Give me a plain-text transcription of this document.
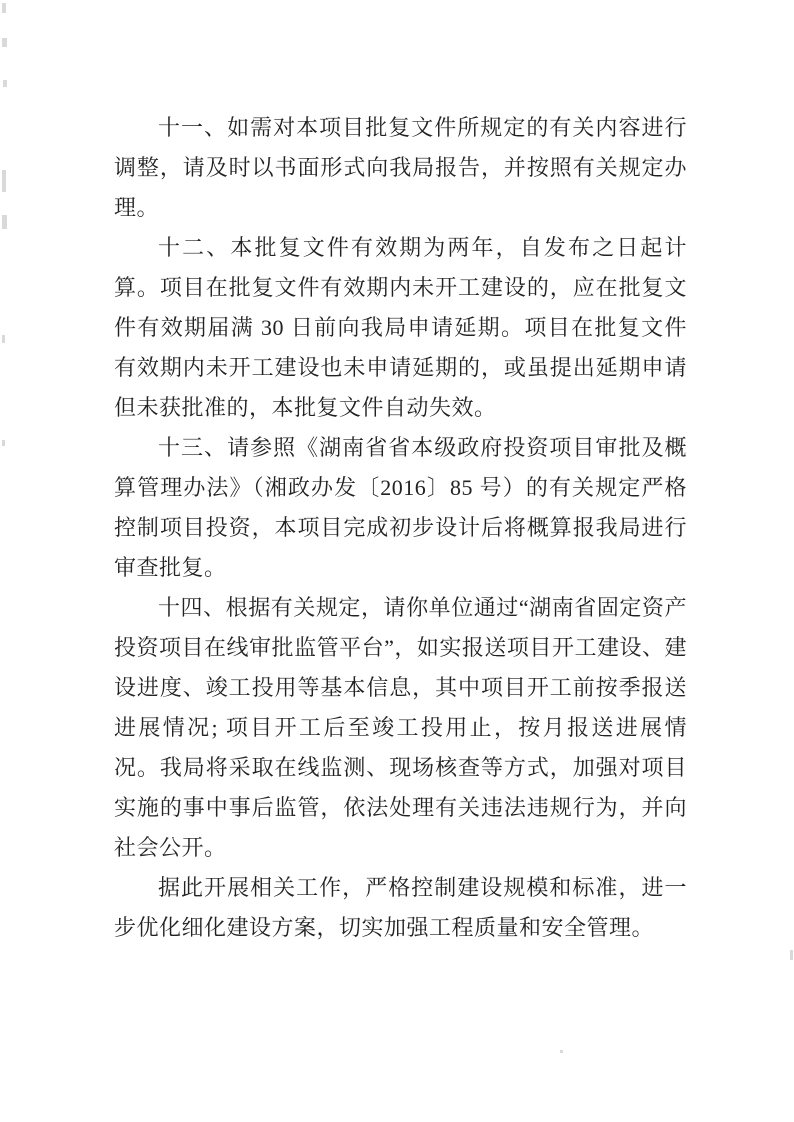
十一、如需对本项目批复文件所规定的有关内容进行调整，请及时以书面形式向我局报告，并按照有关规定办理。

十二、本批复文件有效期为两年，自发布之日起计算。项目在批复文件有效期内未开工建设的，应在批复文件有效期届满 30 日前向我局申请延期。项目在批复文件有效期内未开工建设也未申请延期的，或虽提出延期申请但未获批准的，本批复文件自动失效。

十三、请参照《湖南省省本级政府投资项目审批及概算管理办法》（湘政办发〔2016〕85 号）的有关规定严格控制项目投资，本项目完成初步设计后将概算报我局进行审查批复。

十四、根据有关规定，请你单位通过“湖南省固定资产投资项目在线审批监管平台”，如实报送项目开工建设、建设进度、竣工投用等基本信息，其中项目开工前按季报送进展情况; 项目开工后至竣工投用止，按月报送进展情况。我局将采取在线监测、现场核查等方式，加强对项目实施的事中事后监管，依法处理有关违法违规行为，并向社会公开。

据此开展相关工作，严格控制建设规模和标准，进一步优化细化建设方案，切实加强工程质量和安全管理。
